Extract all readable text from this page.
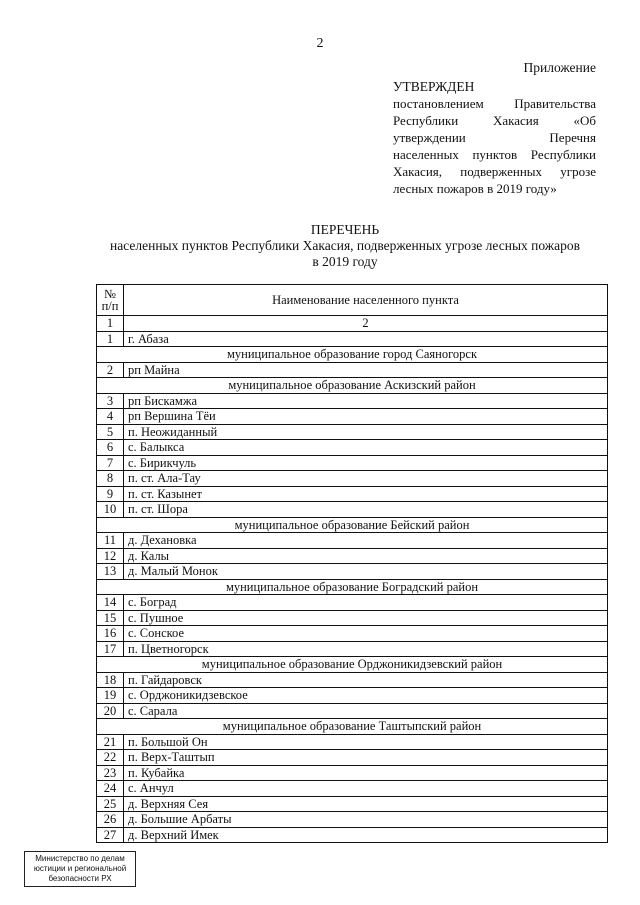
2
Приложение
УТВЕРЖДЕН
постановлением Правительства
Республики Хакасия «Об
утверждении Перечня
населенных пунктов Республики
Хакасия, подверженных угрозе
лесных пожаров в 2019 году»
ПЕРЕЧЕНЬ
населенных пунктов Республики Хакасия, подверженных угрозе лесных пожаров
в 2019 году
№ п/п	Наименование населенного пункта
1	2
1	г. Абаза
муниципальное образование город Саяногорск	
2	рп Майна
муниципальное образование Аскизский район	
3	рп Бискамжа
4	рп Вершина Тёи
5	п. Неожиданный
6	с. Балыкса
7	с. Бирикчуль
8	п. ст. Ала-Тау
9	п. ст. Казынет
10	п. ст. Шора
муниципальное образование Бейский район	
11	д. Дехановка
12	д. Калы
13	д. Малый Монок
муниципальное образование Боградский район	
14	с. Боград
15	с. Пушное
16	с. Сонское
17	п. Цветногорск
муниципальное образование Орджоникидзевский район	
18	п. Гайдаровск
19	с. Орджоникидзевское
20	с. Сарала
муниципальное образование Таштыпский район	
21	п. Большой Он
22	п. Верх-Таштып
23	п. Кубайка
24	с. Анчул
25	д. Верхняя Сея
26	д. Большие Арбаты
27	д. Верхний Имек
Министерство по делам
юстиции и региональной
безопасности РХ
